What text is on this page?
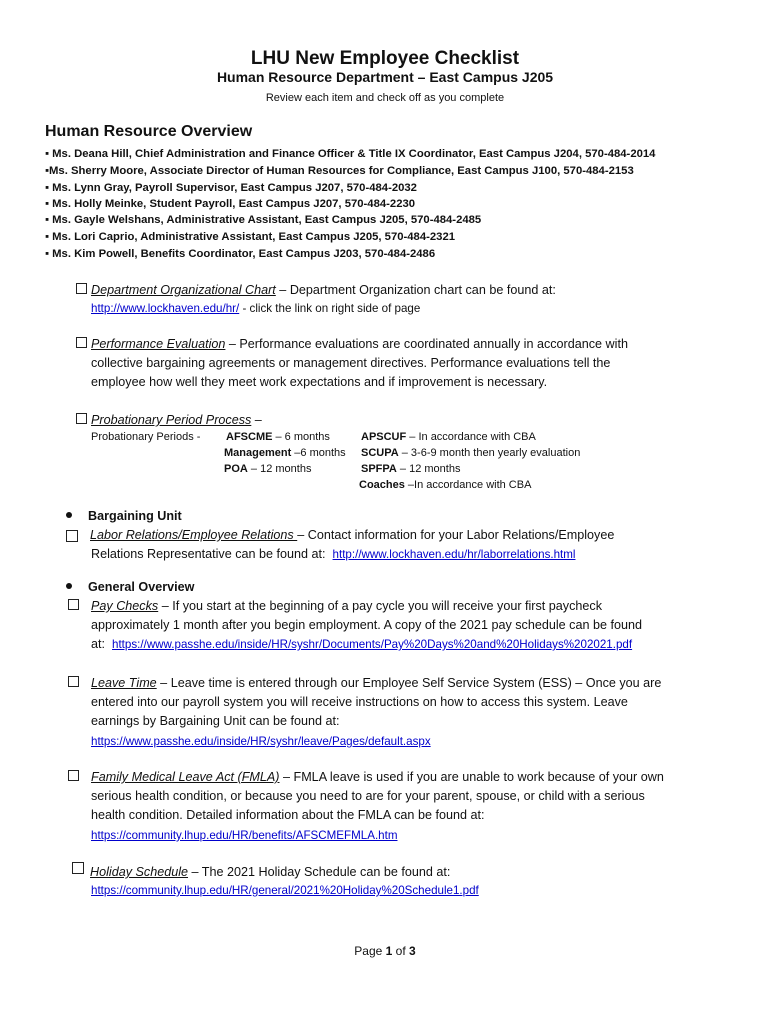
LHU New Employee Checklist
Human Resource Department – East Campus J205
Review each item and check off as you complete
Human Resource Overview
▪ Ms. Deana Hill, Chief Administration and Finance Officer & Title IX Coordinator, East Campus J204, 570-484-2014
▪Ms. Sherry Moore, Associate Director of Human Resources for Compliance, East Campus J100, 570-484-2153
▪ Ms. Lynn Gray, Payroll Supervisor, East Campus J207, 570-484-2032
▪ Ms. Holly Meinke, Student Payroll, East Campus J207, 570-484-2230
▪ Ms. Gayle Welshans, Administrative Assistant, East Campus J205, 570-484-2485
▪ Ms. Lori Caprio, Administrative Assistant, East Campus J205, 570-484-2321
▪ Ms. Kim Powell, Benefits Coordinator, East Campus J203, 570-484-2486
Department Organizational Chart – Department Organization chart can be found at:
http://www.lockhaven.edu/hr/ - click the link on right side of page
Performance Evaluation – Performance evaluations are coordinated annually in accordance with
collective bargaining agreements or management directives. Performance evaluations tell the
employee how well they meet work expectations and if improvement is necessary.
Probationary Period Process –
Probationary Periods - AFSCME – 6 months
Management –6 months
POA – 12 months
APSCUF – In accordance with CBA
SCUPA – 3-6-9 month then yearly evaluation
SPFPA – 12 months
Coaches –In accordance with CBA
Bargaining Unit
Labor Relations/Employee Relations – Contact information for your Labor Relations/Employee
Relations Representative can be found at: http://www.lockhaven.edu/hr/laborrelations.html
General Overview
Pay Checks – If you start at the beginning of a pay cycle you will receive your first paycheck
approximately 1 month after you begin employment. A copy of the 2021 pay schedule can be found
at: https://www.passhe.edu/inside/HR/syshr/Documents/Pay%20Days%20and%20Holidays%202021.pdf
Leave Time – Leave time is entered through our Employee Self Service System (ESS) – Once you are
entered into our payroll system you will receive instructions on how to access this system. Leave
earnings by Bargaining Unit can be found at:
https://www.passhe.edu/inside/HR/syshr/leave/Pages/default.aspx
Family Medical Leave Act (FMLA) – FMLA leave is used if you are unable to work because of your own
serious health condition, or because you need to are for your parent, spouse, or child with a serious
health condition. Detailed information about the FMLA can be found at:
https://community.lhup.edu/HR/benefits/AFSCMEFMLA.htm
Holiday Schedule – The 2021 Holiday Schedule can be found at:
https://community.lhup.edu/HR/general/2021%20Holiday%20Schedule1.pdf
Page 1 of 3
